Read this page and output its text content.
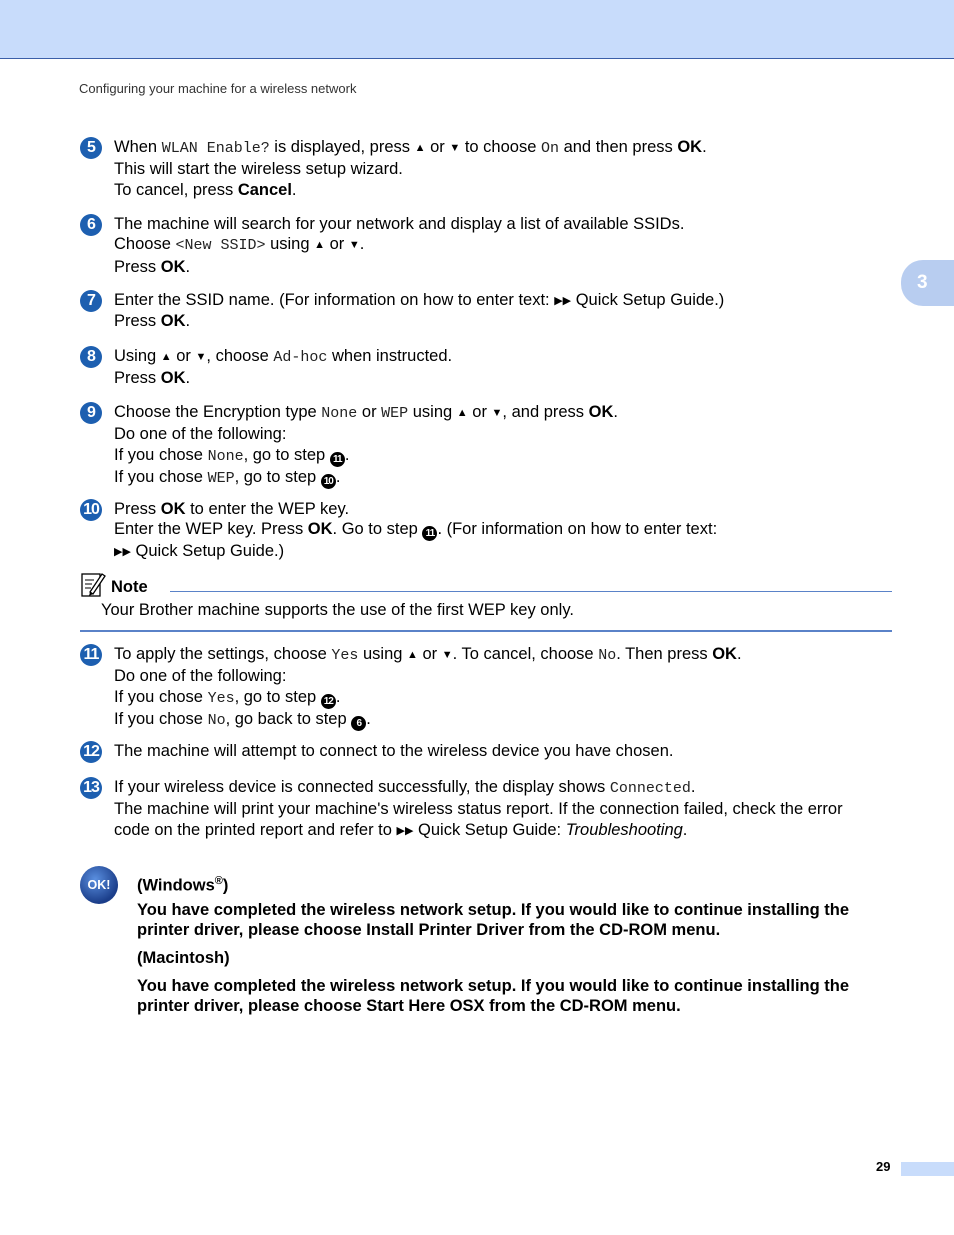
Configuring your machine for a wireless network
3
5	When WLAN Enable? is displayed, press ▲ or ▼ to choose On and then press OK.
This will start the wireless setup wizard.
To cancel, press Cancel.
6	The machine will search for your network and display a list of available SSIDs.
Choose <New SSID> using ▲ or ▼.
Press OK.
7	Enter the SSID name. (For information on how to enter text: ▶▶ Quick Setup Guide.)
Press OK.
8	Using ▲ or ▼, choose Ad-hoc when instructed.
Press OK.
9	Choose the Encryption type None or WEP using ▲ or ▼, and press OK.
Do one of the following:
If you chose None, go to step 11 .
If you chose WEP, go to step 10 .
10 Press OK to enter the WEP key.
Enter the WEP key. Press OK. Go to step 11 . (For information on how to enter text:
▶▶ Quick Setup Guide.)
Note
Your Brother machine supports the use of the first WEP key only.
11 To apply the settings, choose Yes using ▲ or ▼. To cancel, choose No. Then press OK.
Do one of the following:
If you chose Yes, go to step 12 .
If you chose No, go back to step 6 .
12 The machine will attempt to connect to the wireless device you have chosen.
13 If your wireless device is connected successfully, the display shows Connected.
The machine will print your machine's wireless status report. If the connection failed, check the error
code on the printed report and refer to ▶▶ Quick Setup Guide: Troubleshooting.
OK!	(Windows®)
You have completed the wireless network setup. If you would like to continue installing the
printer driver, please choose Install Printer Driver from the CD-ROM menu.
(Macintosh)
You have completed the wireless network setup. If you would like to continue installing the
printer driver, please choose Start Here OSX from the CD-ROM menu.
29
